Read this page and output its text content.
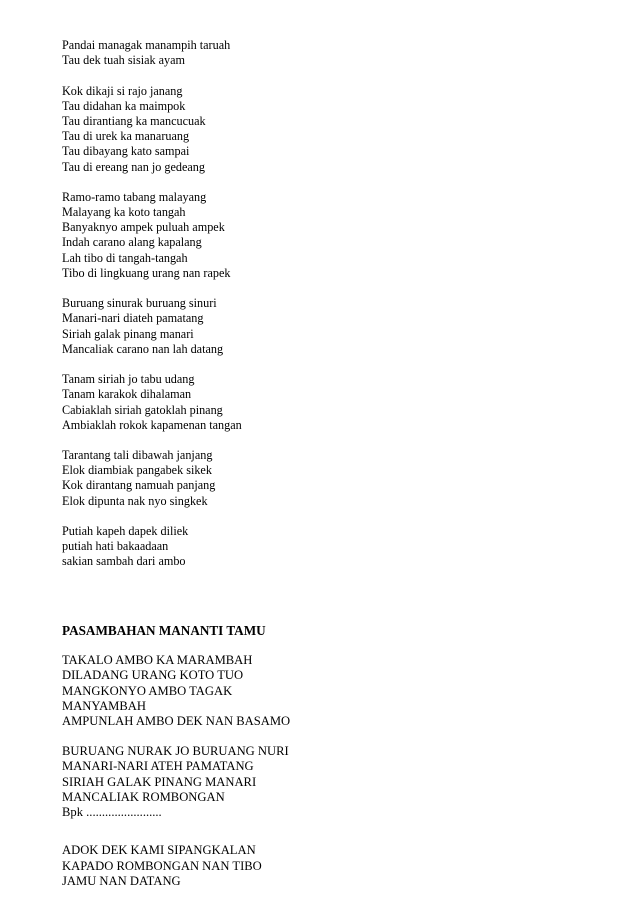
Pandai managak manampih taruah
Tau dek tuah sisiak ayam
Kok dikaji si rajo janang
Tau didahan ka maimpok
Tau dirantiang ka mancucuak
Tau di urek ka manaruang
Tau dibayang kato sampai
Tau di ereang nan jo gedeang
Ramo-ramo tabang malayang
Malayang ka koto tangah
Banyaknyo ampek puluah ampek
Indah carano alang kapalang
Lah tibo di tangah-tangah
Tibo di lingkuang urang nan rapek
Buruang sinurak buruang sinuri
Manari-nari diateh pamatang
Siriah galak pinang manari
Mancaliak carano nan lah datang
Tanam siriah jo tabu udang
Tanam karakok dihalaman
Cabiaklah siriah gatoklah pinang
Ambiaklah rokok kapamenan tangan
Tarantang tali dibawah janjang
Elok diambiak pangabek sikek
Kok dirantang namuah panjang
Elok dipunta nak nyo singkek
Putiah kapeh dapek diliek
putiah hati bakaadaan
sakian sambah dari ambo
PASAMBAHAN MANANTI TAMU
TAKALO AMBO KA MARAMBAH
DILADANG URANG KOTO TUO
MANGKONYO AMBO TAGAK
MANYAMBAH
AMPUNLAH AMBO DEK NAN BASAMO
BURUANG NURAK JO BURUANG NURI
MANARI-NARI ATEH PAMATANG
SIRIAH GALAK PINANG MANARI
MANCALIAK ROMBONGAN
Bpk ........................
ADOK DEK KAMI SIPANGKALAN
KAPADO ROMBONGAN NAN TIBO
JAMU NAN DATANG
